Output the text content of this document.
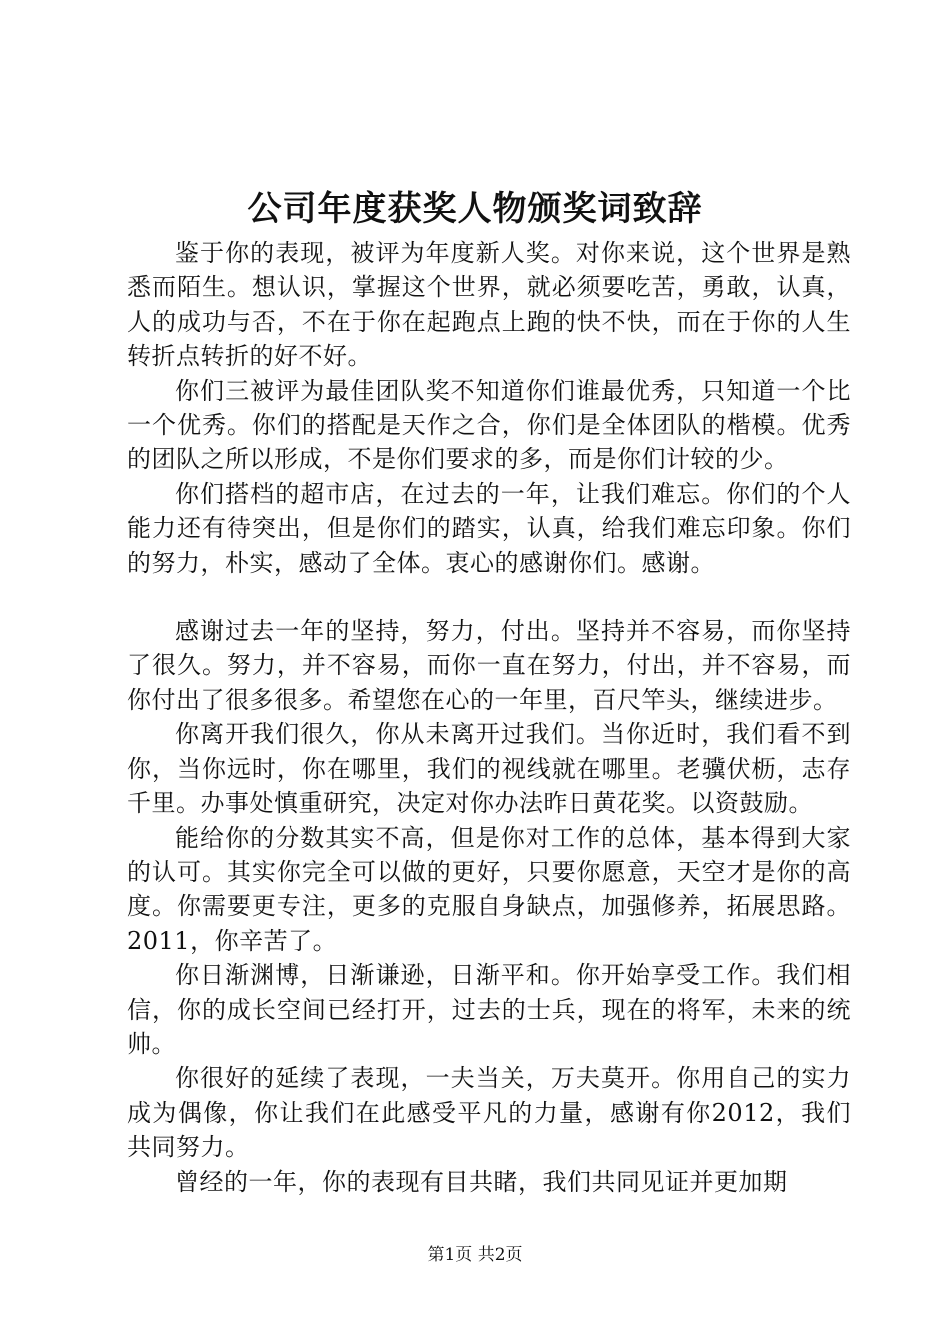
公司年度获奖人物颁奖词致辞

鉴于你的表现，被评为年度新人奖。对你来说，这个世界是熟悉而陌生。想认识，掌握这个世界，就必须要吃苦，勇敢，认真，人的成功与否，不在于你在起跑点上跑的快不快，而在于你的人生转折点转折的好不好。

你们三被评为最佳团队奖不知道你们谁最优秀，只知道一个比一个优秀。你们的搭配是天作之合，你们是全体团队的楷模。优秀的团队之所以形成，不是你们要求的多，而是你们计较的少。

你们搭档的超市店，在过去的一年，让我们难忘。你们的个人能力还有待突出，但是你们的踏实，认真，给我们难忘印象。你们的努力，朴实，感动了全体。衷心的感谢你们。感谢。

感谢过去一年的坚持，努力，付出。坚持并不容易，而你坚持了很久。努力，并不容易，而你一直在努力，付出，并不容易，而你付出了很多很多。希望您在心的一年里，百尺竿头，继续进步。

你离开我们很久，你从未离开过我们。当你近时，我们看不到你，当你远时，你在哪里，我们的视线就在哪里。老骥伏枥，志存千里。办事处慎重研究，决定对你办法昨日黄花奖。以资鼓励。

能给你的分数其实不高，但是你对工作的总体，基本得到大家的认可。其实你完全可以做的更好，只要你愿意，天空才是你的高度。你需要更专注，更多的克服自身缺点，加强修养，拓展思路。2011，你辛苦了。

你日渐渊博，日渐谦逊，日渐平和。你开始享受工作。我们相信，你的成长空间已经打开，过去的士兵，现在的将军，未来的统帅。

你很好的延续了表现，一夫当关，万夫莫开。你用自己的实力成为偶像，你让我们在此感受平凡的力量，感谢有你2012，我们共同努力。

曾经的一年，你的表现有目共睹，我们共同见证并更加期

第1页 共2页
